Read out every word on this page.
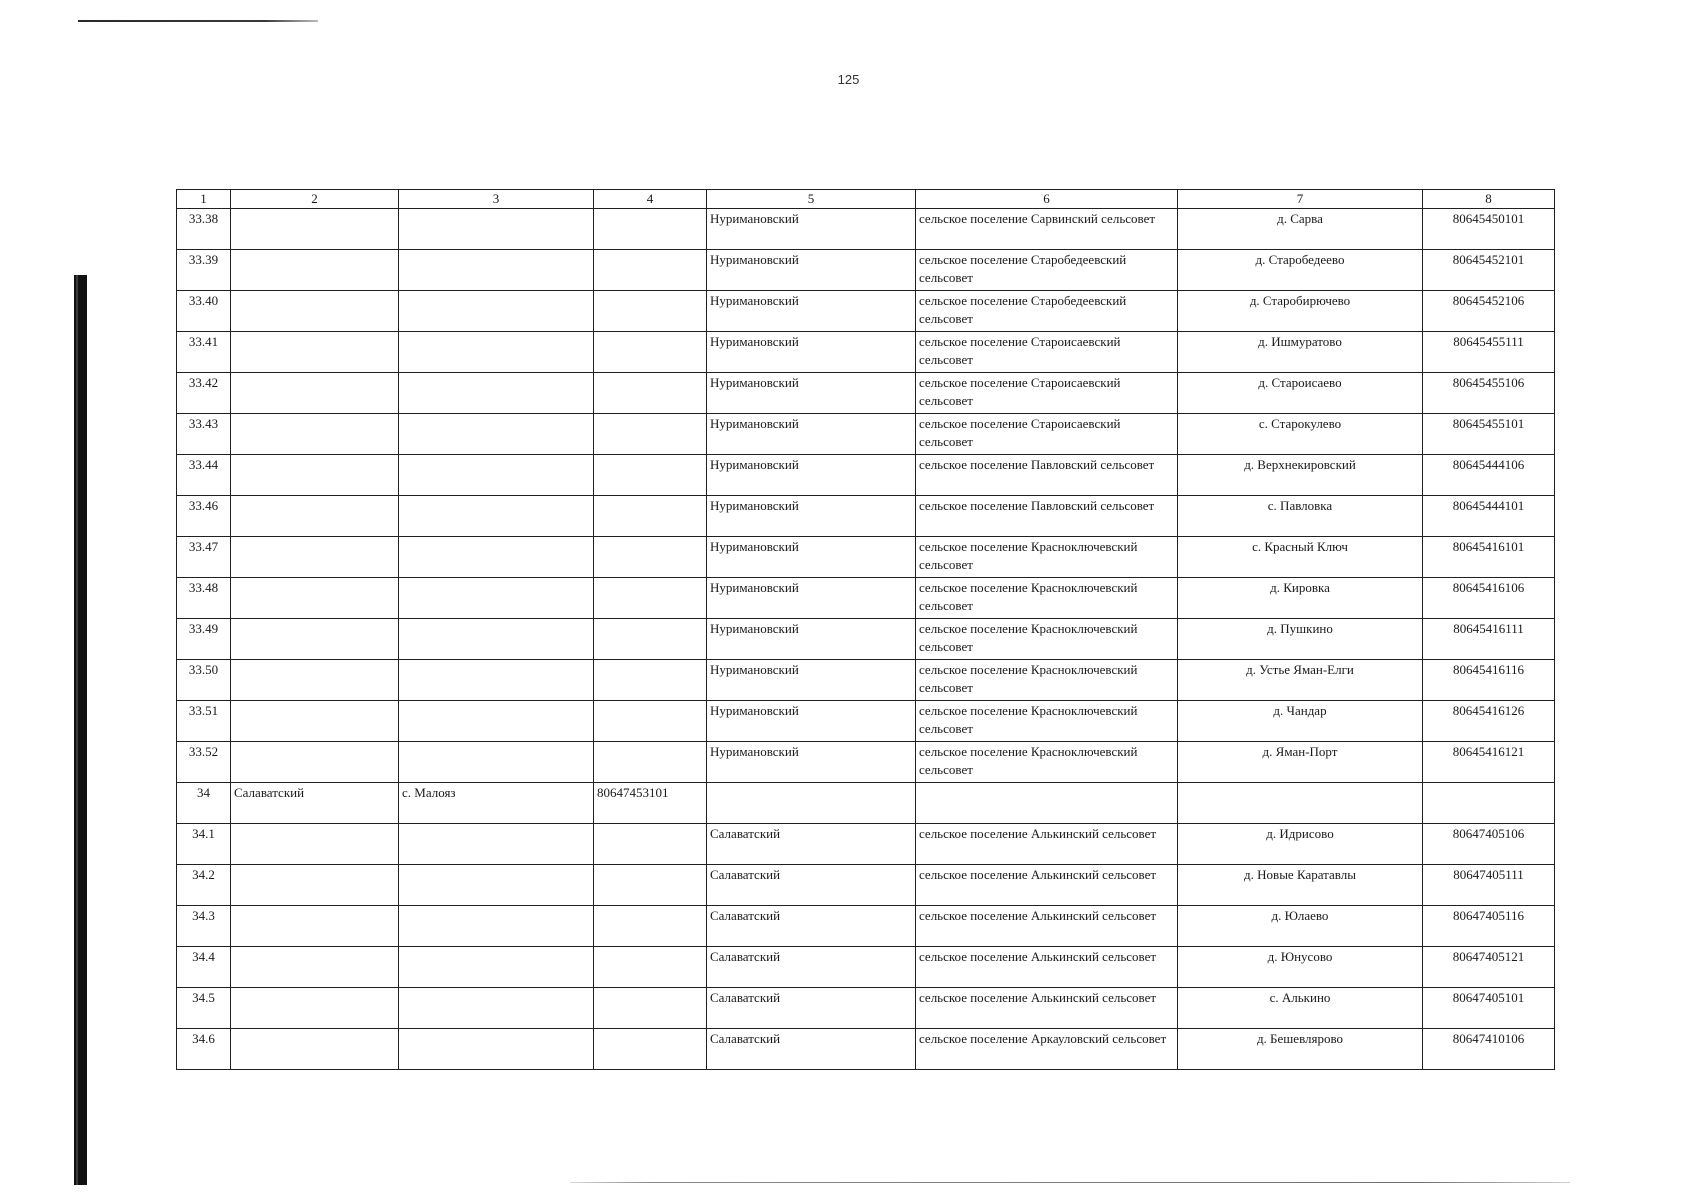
125
1	2	3	4	5	6	7	8
33.38				Нуримановский	сельское поселение Сарвинский сельсовет	д. Сарва	80645450101
33.39				Нуримановский	сельское поселение Старобедеевский сельсовет	д. Старобедеево	80645452101
33.40				Нуримановский	сельское поселение Старобедеевский сельсовет	д. Старобирючево	80645452106
33.41				Нуримановский	сельское поселение Староисаевский сельсовет	д. Ишмуратово	80645455111
33.42				Нуримановский	сельское поселение Староисаевский сельсовет	д. Староисаево	80645455106
33.43				Нуримановский	сельское поселение Староисаевский сельсовет	с. Старокулево	80645455101
33.44				Нуримановский	сельское поселение Павловский сельсовет	д. Верхнекировский	80645444106
33.46				Нуримановский	сельское поселение Павловский сельсовет	с. Павловка	80645444101
33.47				Нуримановский	сельское поселение Красноключевский сельсовет	с. Красный Ключ	80645416101
33.48				Нуримановский	сельское поселение Красноключевский сельсовет	д. Кировка	80645416106
33.49				Нуримановский	сельское поселение Красноключевский сельсовет	д. Пушкино	80645416111
33.50				Нуримановский	сельское поселение Красноключевский сельсовет	д. Устье Яман-Елги	80645416116
33.51				Нуримановский	сельское поселение Красноключевский сельсовет	д. Чандар	80645416126
33.52				Нуримановский	сельское поселение Красноключевский сельсовет	д. Яман-Порт	80645416121
34	Салаватский	с. Малояз	80647453101				
34.1				Салаватский	сельское поселение Алькинский сельсовет	д. Идрисово	80647405106
34.2				Салаватский	сельское поселение Алькинский сельсовет	д. Новые Каратавлы	80647405111
34.3				Салаватский	сельское поселение Алькинский сельсовет	д. Юлаево	80647405116
34.4				Салаватский	сельское поселение Алькинский сельсовет	д. Юнусово	80647405121
34.5				Салаватский	сельское поселение Алькинский сельсовет	с. Алькино	80647405101
34.6				Салаватский	сельское поселение Аркауловский сельсовет	д. Бешевлярово	80647410106
